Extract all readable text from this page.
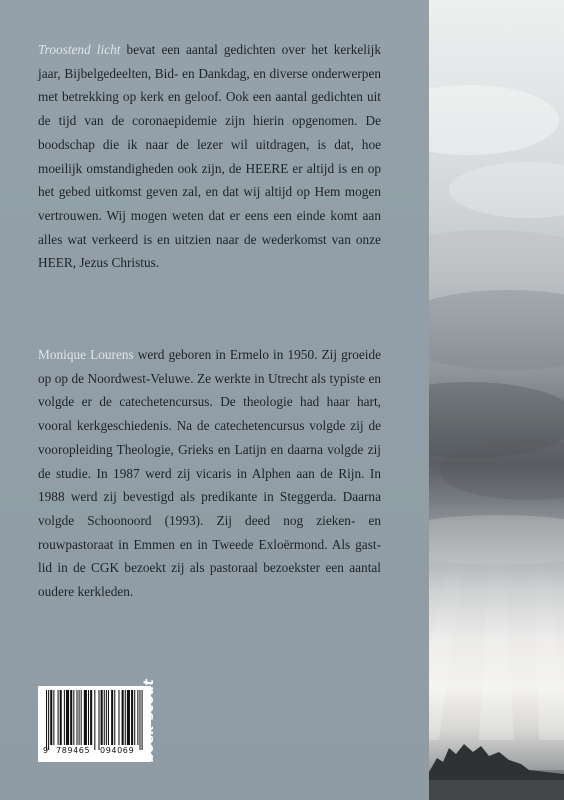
Troostend licht bevat een aantal gedichten over het kerkelijk jaar, Bijbelgedeelten, Bid- en Dankdag, en diverse onderwerpen met betrekking op kerk en geloof. Ook een aantal gedichten uit de tijd van de coronaepidemie zijn hierin opgenomen. De boodschap die ik naar de lezer wil uitdragen, is dat, hoe moeilijk omstandigheden ook zijn, de HEERE er altijd is en op het gebed uitkomst geven zal, en dat wij altijd op Hem mogen vertrouwen. Wij mogen weten dat er eens een einde komt aan alles wat verkeerd is en uitzien naar de wederkomst van onze HEER, Jezus Christus.

Monique Lourens werd geboren in Ermelo in 1950. Zij groeide op op de Noordwest-Veluwe. Ze werkte in Utrecht als typiste en volgde er de catechetencursus. De theologie had haar hart, vooral kerkgeschiedenis. Na de catechetencursus volgde zij de vooropleiding Theologie, Grieks en Latijn en daarna volgde zij de studie. In 1987 werd zij vicaris in Alphen aan de Rijn. In 1988 werd zij bevestigd als predikante in Steggerda. Daarna volgde Schoonoord (1993). Zij deed nog zieken- en rouwpastoraat in Emmen en in Tweede Exloërmond. Als gast-lid in de CGK bezoekt zij als pastoraal bezoekster een aantal oudere kerkleden.

9 789465 094069 boek-scout
